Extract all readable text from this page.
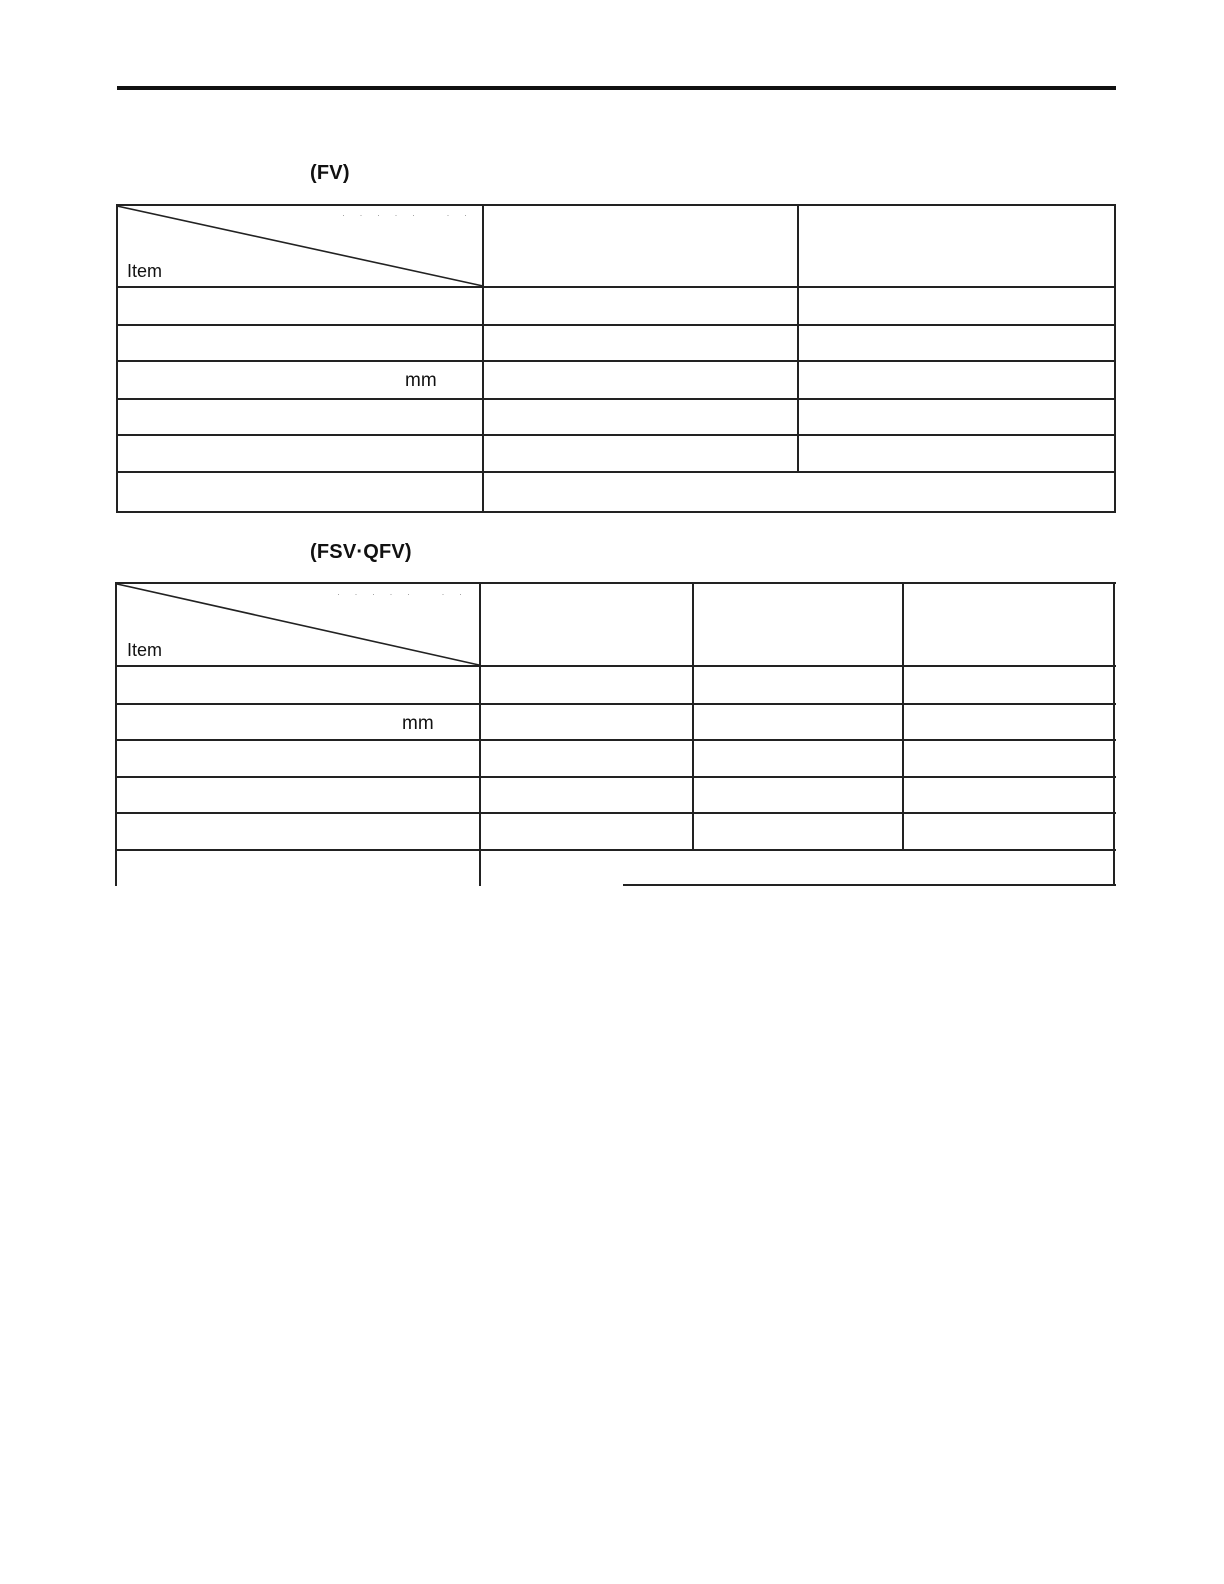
(FV)
· · · · ·   · ·
Item
mm
(FSV·QFV)
· · · · ·   · ·
Item
mm
